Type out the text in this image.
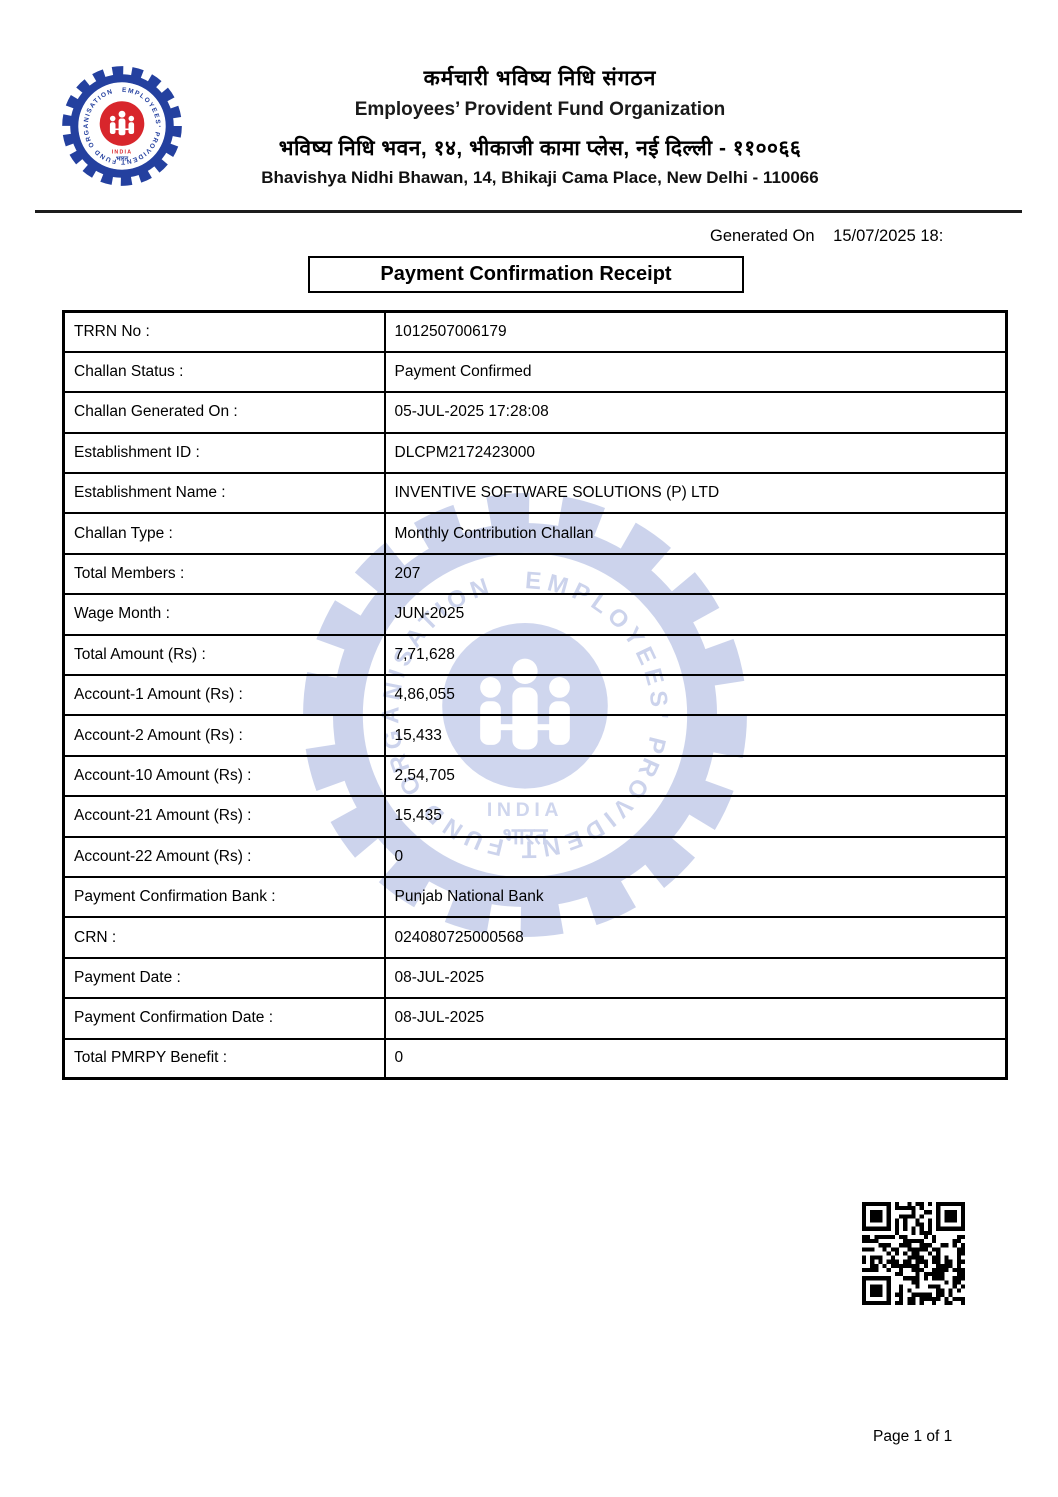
कर्मचारी भविष्य निधि संगठन
Employees’ Provident Fund Organization
भविष्य निधि भवन, १४, भीकाजी कामा प्लेस, नई दिल्ली - ११००६६
Bhavishya Nidhi Bhawan, 14, Bhikaji Cama Place, New Delhi - 110066
Generated On 15/07/2025 18:
Payment Confirmation Receipt
TRRN No :	1012507006179
Challan Status :	Payment Confirmed
Challan Generated On :	05-JUL-2025 17:28:08
Establishment ID :	DLCPM2172423000
Establishment Name :	INVENTIVE SOFTWARE SOLUTIONS (P) LTD
Challan Type :	Monthly Contribution Challan
Total Members :	207
Wage Month :	JUN-2025
Total Amount (Rs) :	7,71,628
Account-1 Amount (Rs) :	4,86,055
Account-2 Amount (Rs) :	15,433
Account-10 Amount (Rs) :	2,54,705
Account-21 Amount (Rs) :	15,435
Account-22 Amount (Rs) :	0
Payment Confirmation Bank :	Punjab National Bank
CRN :	024080725000568
Payment Date :	08-JUL-2025
Payment Confirmation Date :	08-JUL-2025
Total PMRPY Benefit :	0
Page 1 of 1
